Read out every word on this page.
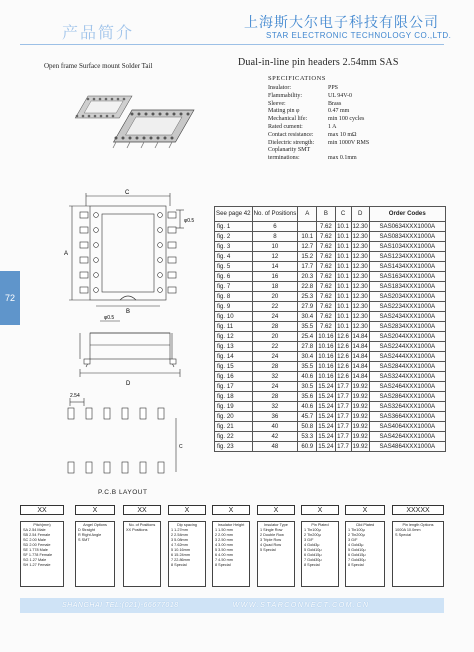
产品简介	上海斯大尔电子科技有限公司
STAR ELECTRONIC TECHNOLOGY CO.,LTD.
Open frame Surface mount Solder Tail	Dual-in-line pin headers 2.54mm SAS
SPECIFICATIONS
Insulator:	PPS
Flammability:	UL 94V-0
Sleeve:	Brass
Mating pin φ	0.47 mm
Mechanical life:	min 100 cycles
Rated cument:	1 A
Contact resistance:	max 10 mΩ
Dielectric strength:	min 1000V RMS
Coplanarity SMT
terminations:	max 0.1mm
72
C
A
B
φ0.5
φ0.5
D
2.54
C
P.C.B LAYOUT
See page 42	No. of Positions	A	B	C	D	Order Codes
fig. 1	6		7.62	10.1	12.30	SAS0634XXX1000A
fig. 2	8	10.1	7.62	10.1	12.30	SAS0834XXX1000A
fig. 3	10	12.7	7.62	10.1	12.30	SAS1034XXX1000A
fig. 4	12	15.2	7.62	10.1	12.30	SAS1234XXX1000A
fig. 5	14	17.7	7.62	10.1	12.30	SAS1434XXX1000A
fig. 6	16	20.3	7.62	10.1	12.30	SAS1634XXX1000A
fig. 7	18	22.8	7.62	10.1	12.30	SAS1834XXX1000A
fig. 8	20	25.3	7.62	10.1	12.30	SAS2034XXX1000A
fig. 9	22	27.9	7.62	10.1	12.30	SAS2234XXX1000A
fig. 10	24	30.4	7.62	10.1	12.30	SAS2434XXX1000A
fig. 11	28	35.5	7.62	10.1	12.30	SAS2834XXX1000A
fig. 12	20	25.4	10.16	12.6	14.84	SAS2044XXX1000A
fig. 13	22	27.8	10.16	12.6	14.84	SAS2244XXX1000A
fig. 14	24	30.4	10.16	12.6	14.84	SAS2444XXX1000A
fig. 15	28	35.5	10.16	12.6	14.84	SAS2844XXX1000A
fig. 16	32	40.6	10.16	12.6	14.84	SAS3244XXX1000A
fig. 17	24	30.5	15.24	17.7	19.92	SAS2464XXX1000A
fig. 18	28	35.6	15.24	17.7	19.92	SAS2864XXX1000A
fig. 19	32	40.6	15.24	17.7	19.92	SAS3264XXX1000A
fig. 20	36	45.7	15.24	17.7	19.92	SAS3664XXX1000A
fig. 21	40	50.8	15.24	17.7	19.92	SAS4064XXX1000A
fig. 22	42	53.3	15.24	17.7	19.92	SAS4264XXX1000A
fig. 23	48	60.9	15.24	17.7	19.92	SAS4864XXX1000A
XX	X	XX	X	X	X	X	X	XXXXX
Pitch(mm)
SA 2.54 Male
SB 2.54 Female
SC 2.00 Male
SD 2.00 Female
SE 1.778 Male
SF 1.778 Female
SG 1.27 Male
SH 1.27 Female
Angel Options
D Straight
R Right Angle
S SMT
No. of Positions
XX Positions
Dip spacing
1 1.27mm
2 2.54mm
3 5.08mm
4 7.62mm
5 10.16mm
6 15.24mm
7 22.86mm
8 Special
Insulator Height
1 1.50 mm
2 2.00 mm
3 2.50 mm
4 3.00 mm
5 3.50 mm
6 4.00 mm
7 4.50 mm
8 Special
Insulator Type
1 Single Row
2 Double Row
3 Triple Row
4 Quad Row
5 Special
Pin Plated
1 Tin100μ
2 Tin200μ
3 G/F
4 Gold3μ
5 Gold10μ
6 Gold15μ
7 Gold30μ
8 Special
Clid Plated
1 Tin100μ
2 Tin200μ
3 G/F
4 Gold3μ
5 Gold10μ
6 Gold15μ
7 Gold30μ
8 Special
Pin length Options
1000A 10.0mm
S Special
SHANGHAI TEL:(021)-66677018	WWW.STARCONNECT.COM.CN
